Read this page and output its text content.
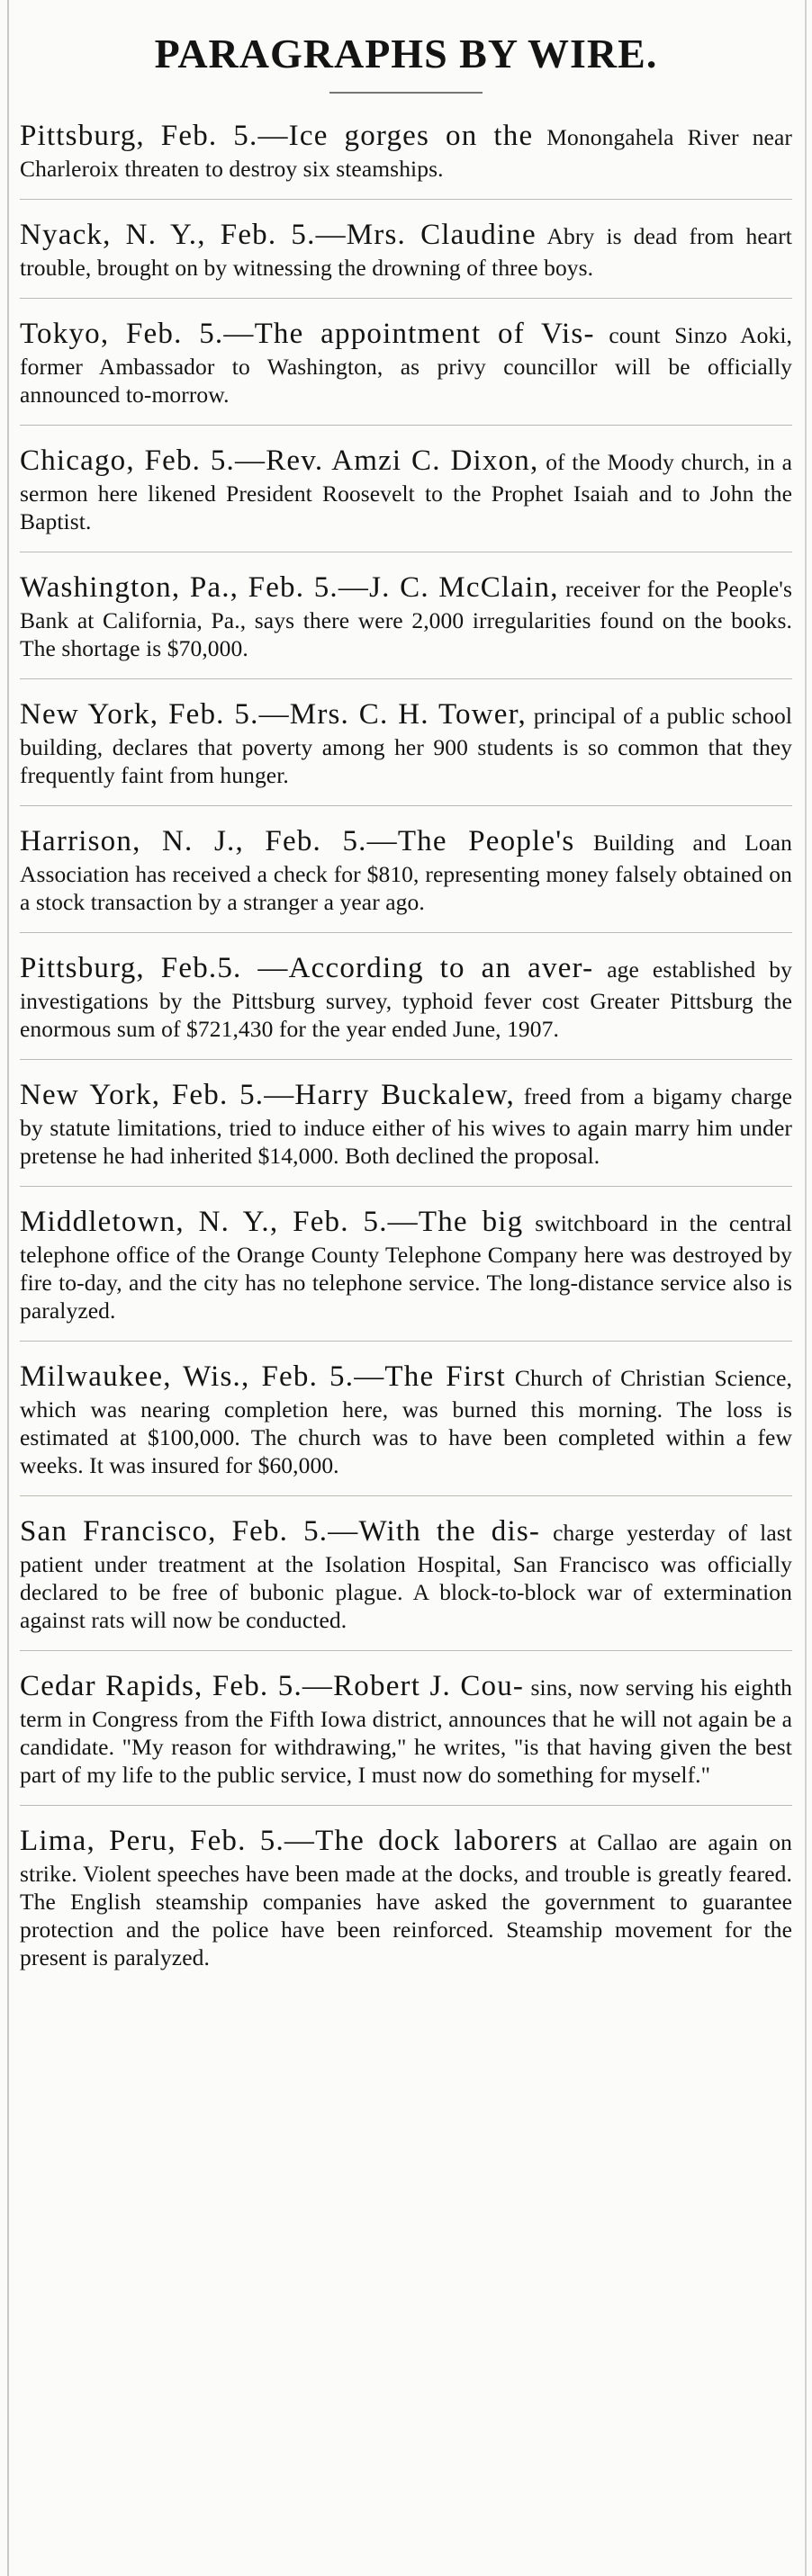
PARAGRAPHS BY WIRE.
Pittsburg, Feb. 5.—Ice gorges on the Monongahela River near Charleroix threaten to destroy six steamships.
Nyack, N. Y., Feb. 5.—Mrs. Claudine Abry is dead from heart trouble, brought on by witnessing the drowning of three boys.
Tokyo, Feb. 5.—The appointment of Vis- count Sinzo Aoki, former Ambassador to Washington, as privy councillor will be officially announced to-morrow.
Chicago, Feb. 5.—Rev. Amzi C. Dixon, of the Moody church, in a sermon here likened President Roosevelt to the Prophet Isaiah and to John the Baptist.
Washington, Pa., Feb. 5.—J. C. McClain, receiver for the People's Bank at California, Pa., says there were 2,000 irregularities found on the books. The shortage is $70,000.
New York, Feb. 5.—Mrs. C. H. Tower, principal of a public school building, declares that poverty among her 900 students is so common that they frequently faint from hunger.
Harrison, N. J., Feb. 5.—The People's Building and Loan Association has received a check for $810, representing money falsely obtained on a stock transaction by a stranger a year ago.
Pittsburg, Feb.5. —According to an aver- age established by investigations by the Pittsburg survey, typhoid fever cost Greater Pittsburg the enormous sum of $721,430 for the year ended June, 1907.
New York, Feb. 5.—Harry Buckalew, freed from a bigamy charge by statute limitations, tried to induce either of his wives to again marry him under pretense he had inherited $14,000. Both declined the proposal.
Middletown, N. Y., Feb. 5.—The big switchboard in the central telephone office of the Orange County Telephone Company here was destroyed by fire to-day, and the city has no telephone service. The long-distance service also is paralyzed.
Milwaukee, Wis., Feb. 5.—The First Church of Christian Science, which was nearing completion here, was burned this morning. The loss is estimated at $100,000. The church was to have been completed within a few weeks. It was insured for $60,000.
San Francisco, Feb. 5.—With the dis- charge yesterday of last patient under treatment at the Isolation Hospital, San Francisco was officially declared to be free of bubonic plague. A block-to-block war of extermination against rats will now be conducted.
Cedar Rapids, Feb. 5.—Robert J. Cou- sins, now serving his eighth term in Congress from the Fifth Iowa district, announces that he will not again be a candidate. "My reason for withdrawing," he writes, "is that having given the best part of my life to the public service, I must now do something for myself."
Lima, Peru, Feb. 5.—The dock laborers at Callao are again on strike. Violent speeches have been made at the docks, and trouble is greatly feared. The English steamship companies have asked the government to guarantee protection and the police have been reinforced. Steamship movement for the present is paralyzed.
